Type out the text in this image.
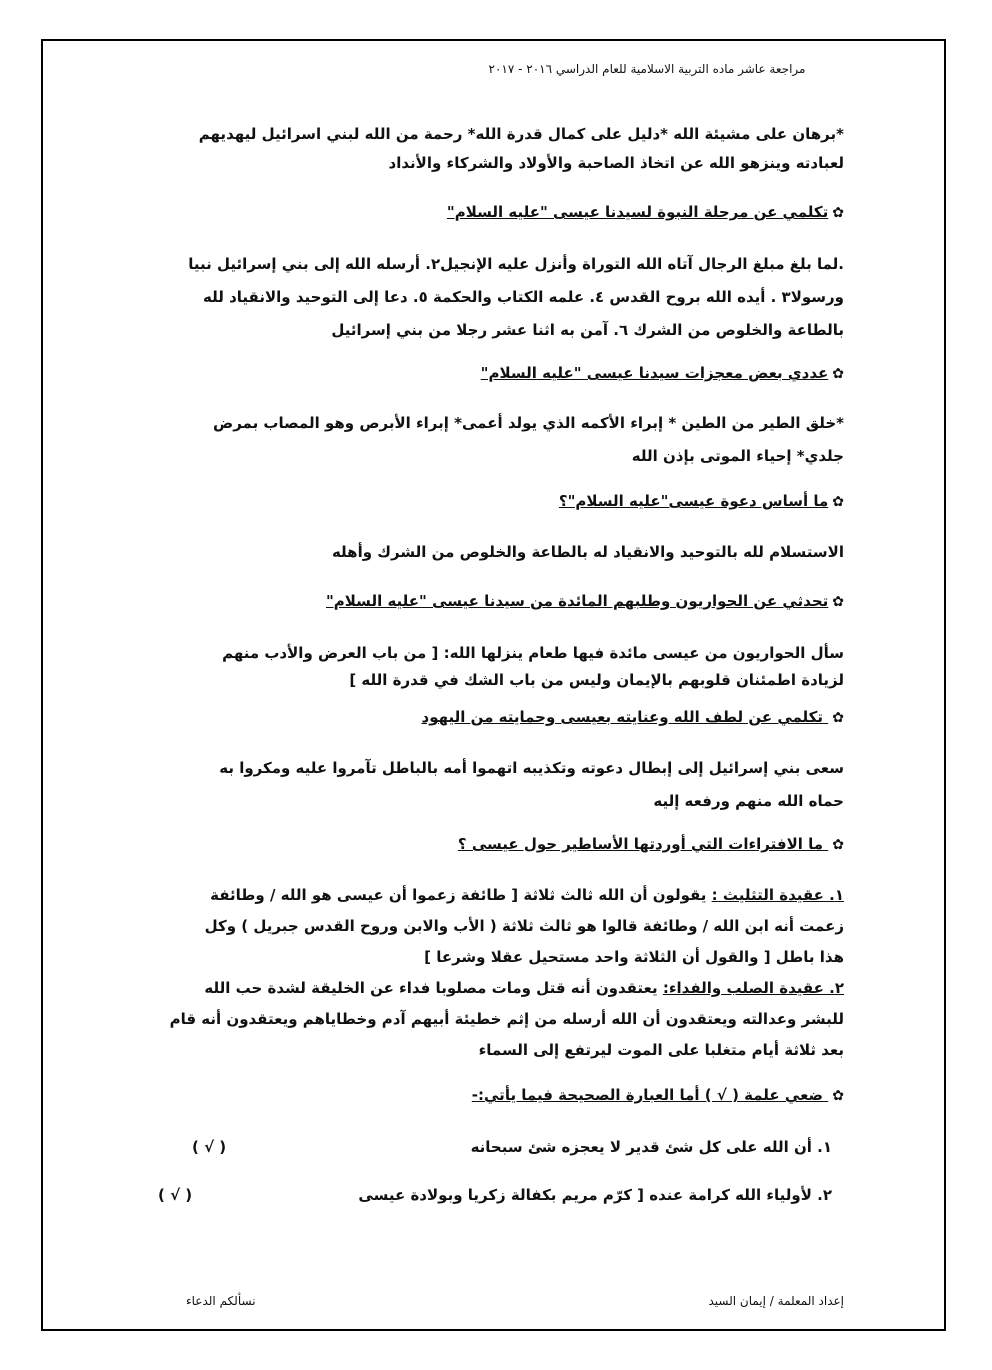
مراجعة عاشر ماده التربية الاسلامية للعام الدراسي ٢٠١٦ - ٢٠١٧
*برهان على مشيئة الله *دليل على كمال قدرة الله* رحمة من الله لبني اسرائيل ليهديهم
لعبادته وينزهو الله عن اتخاذ الصاحبة والأولاد والشركاء والأنداد
✿تكلمي عن مرحلة النبوة لسيدنا عيسى "عليه السلام"
.لما بلغ مبلغ الرجال آتاه الله التوراة وأنزل عليه الإنجيل٢. أرسله الله إلى بني إسرائيل نبيا
ورسولا٣ . أيده الله بروح القدس ٤. علمه الكتاب والحكمة ٥. دعا إلى التوحيد والانقياد لله
بالطاعة والخلوص من الشرك ٦. آمن به اثنا عشر رجلا من بني إسرائيل
✿عددي بعض معجزات سيدنا عيسى "عليه السلام"
*خلق الطير من الطين * إبراء الأكمه الذي يولد أعمى* إبراء الأبرص وهو المصاب بمرض
جلدي* إحياء الموتى بإذن الله
✿ما أساس دعوة عيسى"عليه السلام"؟
الاستسلام لله بالتوحيد والانقياد له بالطاعة والخلوص من الشرك وأهله
✿تحدثي عن الحواريون وطلبهم المائدة من سيدنا عيسى "عليه السلام"
سأل الحواريون من عيسى مائدة فيها طعام ينزلها الله: [ من باب العرض والأدب منهم
لزيادة اطمئنان قلوبهم بالإيمان وليس من باب الشك في قدرة الله ]
✿ تكلمي عن لطف الله وعنايته بعيسى وحمايته من اليهود
سعى بني إسرائيل إلى إبطال دعوته وتكذيبه اتهموا أمه بالباطل تآمروا عليه ومكروا به
حماه الله منهم ورفعه إليه
✿ ما الافتراءات التي أوردتها الأساطير حول عيسى ؟
١. عقيدة التثليث : يقولون أن الله ثالث ثلاثة [ طائفة زعموا أن عيسى هو الله / وطائفة
زعمت أنه ابن الله / وطائفة قالوا هو ثالث ثلاثة ( الأب والابن وروح القدس جبريل ) وكل
هذا باطل [ والقول أن الثلاثة واحد مستحيل عقلا وشرعا ]
٢. عقيدة الصلب والفداء: يعتقدون أنه قتل ومات مصلوبا فداء عن الخليقة لشدة حب الله
للبشر وعدالته ويعتقدون أن الله أرسله من إثم خطيئة أبيهم آدم وخطاياهم ويعتقدون أنه قام
بعد ثلاثة أيام متغلبا على الموت ليرتفع إلى السماء
✿ ضعي علمة ( √ ) أما العبارة الصحيحة فيما يأتي:-
١. أن الله على كل شئ قدير لا يعجزه شئ سبحانه
( √ )
٢. لأولياء الله كرامة عنده [ كرّم مريم بكفالة زكريا وبولادة عيسى
( √ )
إعداد المعلمة / إيمان السيد
نسألكم الدعاء
